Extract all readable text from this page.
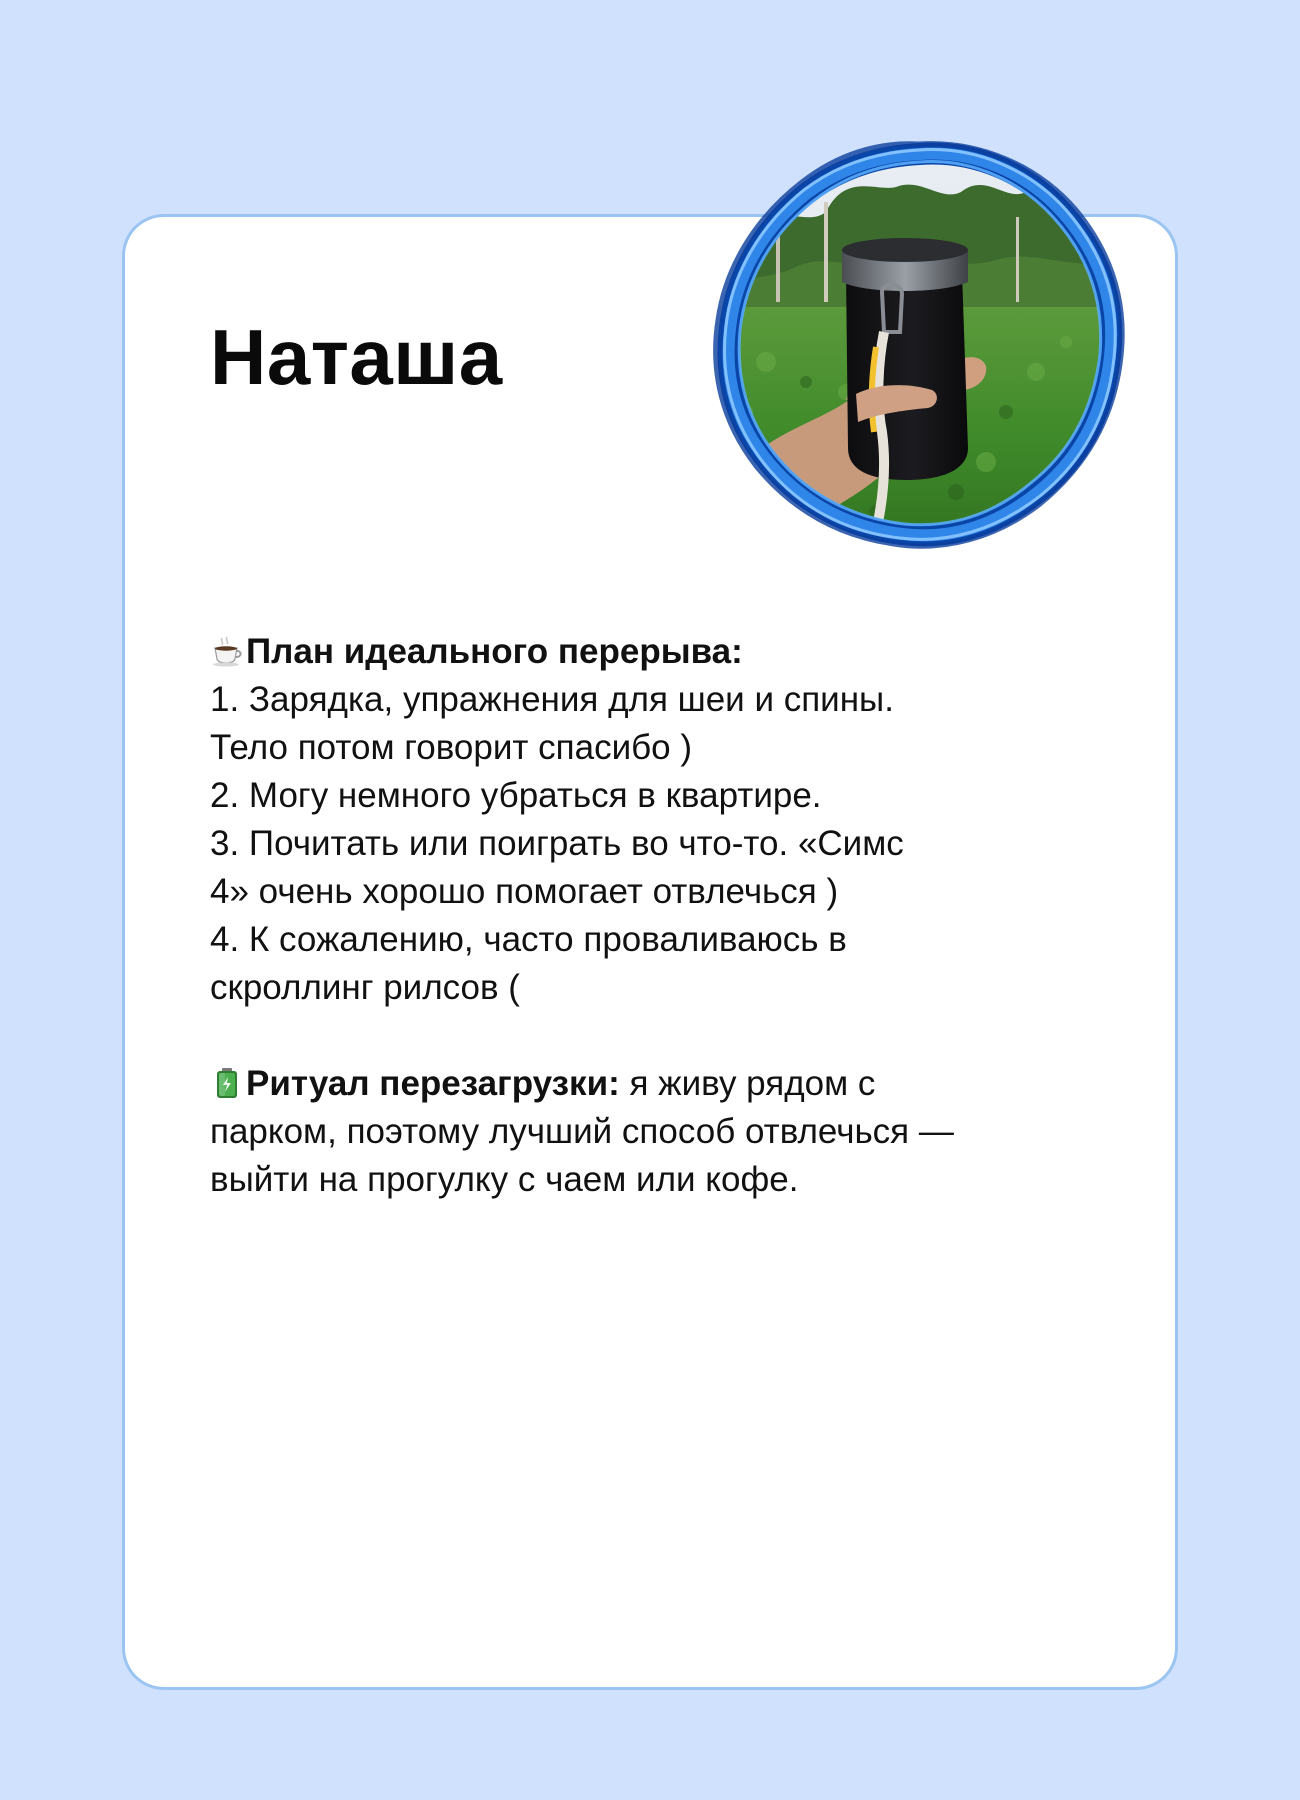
Наташа
План идеального перерыва:
1. Зарядка, упражнения для шеи и спины.
Тело потом говорит спасибо )
2. Могу немного убраться в квартире.
3. Почитать или поиграть во что-то. «Симс
4» очень хорошо помогает отвлечься )
4. К сожалению, часто проваливаюсь в
скроллинг рилсов (
Ритуал перезагрузки: я живу рядом с
парком, поэтому лучший способ отвлечься —
выйти на прогулку с чаем или кофе.
